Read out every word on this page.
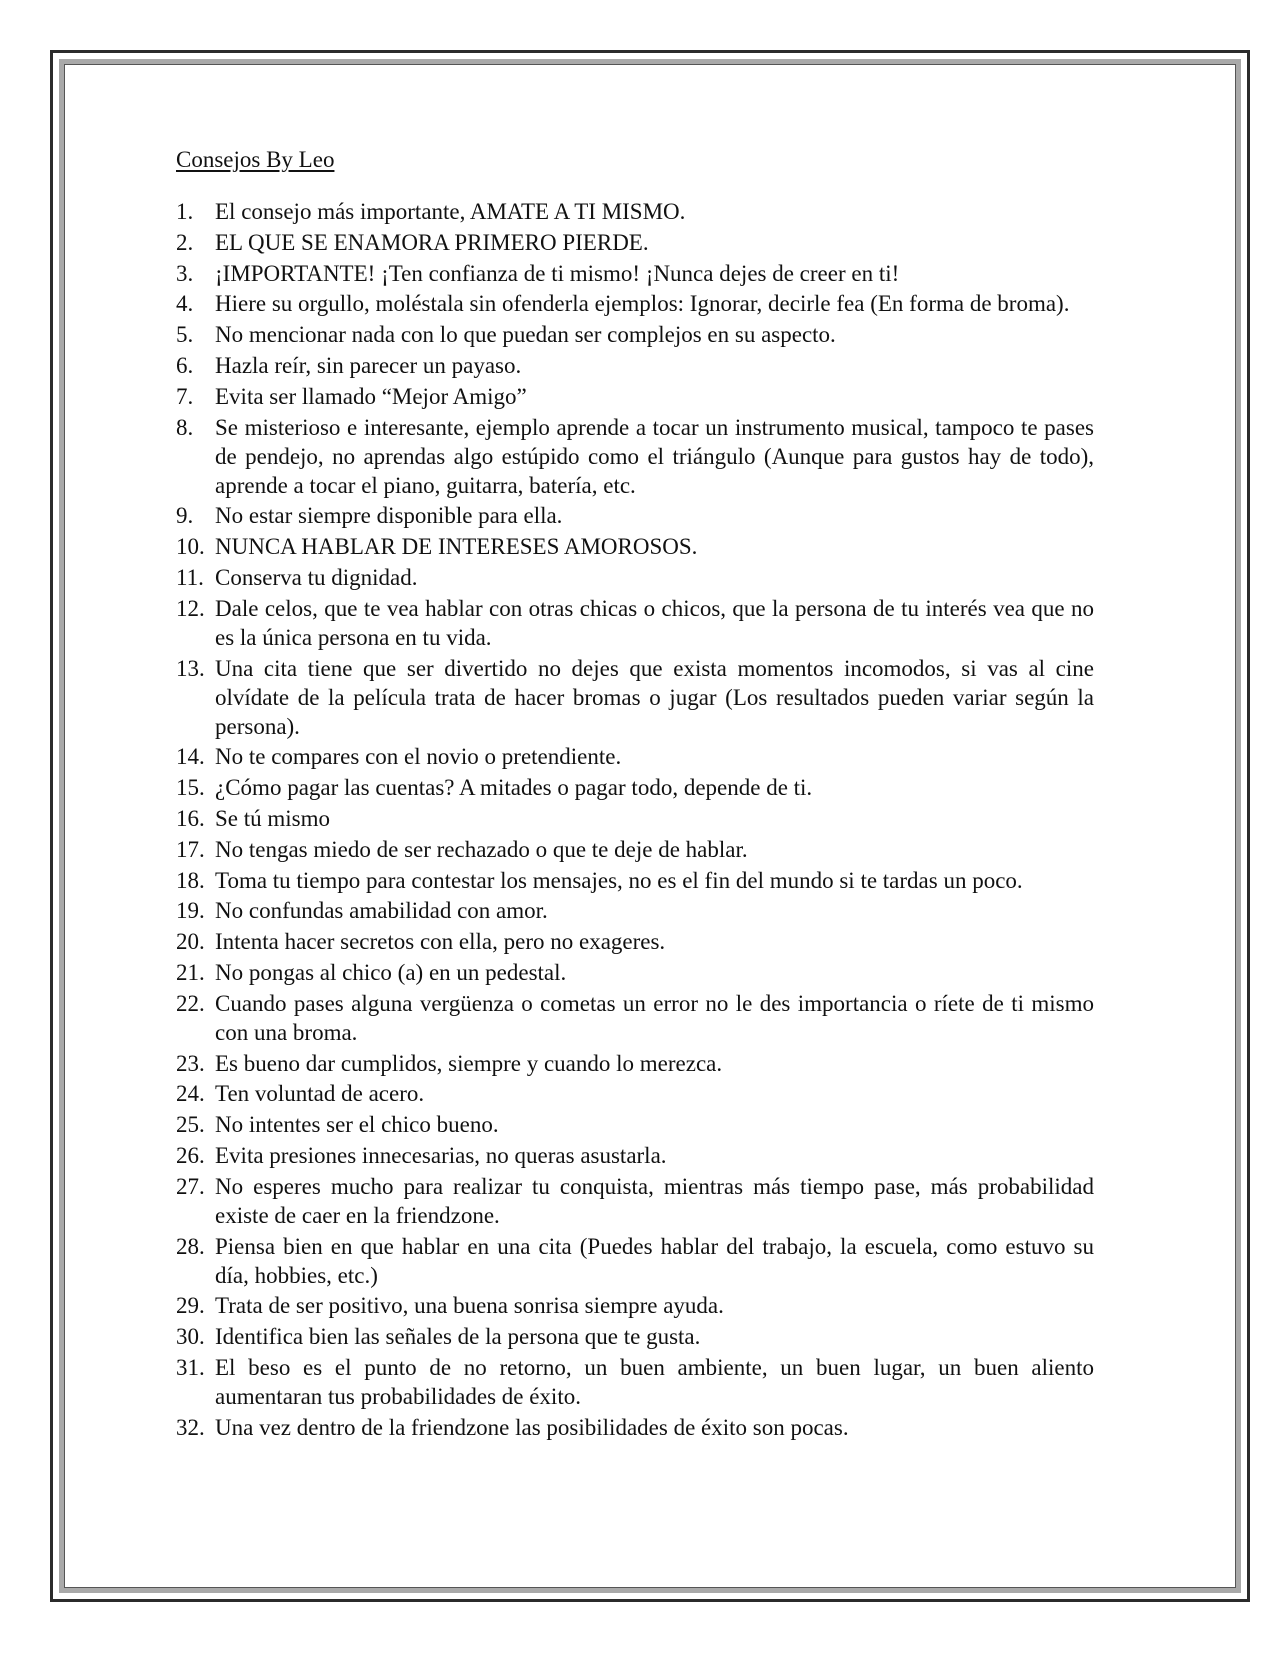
Consejos By Leo
1. El consejo más importante, AMATE A TI MISMO.
2. EL QUE SE ENAMORA PRIMERO PIERDE.
3. ¡IMPORTANTE! ¡Ten confianza de ti mismo! ¡Nunca dejes de creer en ti!
4. Hiere su orgullo, moléstala sin ofenderla ejemplos: Ignorar, decirle fea (En forma de broma).
5. No mencionar nada con lo que puedan ser complejos en su aspecto.
6. Hazla reír, sin parecer un payaso.
7. Evita ser llamado “Mejor Amigo”
8. Se misterioso e interesante, ejemplo aprende a tocar un instrumento musical, tampoco te pases de pendejo, no aprendas algo estúpido como el triángulo (Aunque para gustos hay de todo), aprende a tocar el piano, guitarra, batería, etc.
9. No estar siempre disponible para ella.
10. NUNCA HABLAR DE INTERESES AMOROSOS.
11. Conserva tu dignidad.
12. Dale celos, que te vea hablar con otras chicas o chicos, que la persona de tu interés vea que no es la única persona en tu vida.
13. Una cita tiene que ser divertido no dejes que exista momentos incomodos, si vas al cine olvídate de la película trata de hacer bromas o jugar (Los resultados pueden variar según la persona).
14. No te compares con el novio o pretendiente.
15. ¿Cómo pagar las cuentas? A mitades o pagar todo, depende de ti.
16. Se tú mismo
17. No tengas miedo de ser rechazado o que te deje de hablar.
18. Toma tu tiempo para contestar los mensajes, no es el fin del mundo si te tardas un poco.
19. No confundas amabilidad con amor.
20. Intenta hacer secretos con ella, pero no exageres.
21. No pongas al chico (a) en un pedestal.
22. Cuando pases alguna vergüenza o cometas un error no le des importancia o ríete de ti mismo con una broma.
23. Es bueno dar cumplidos, siempre y cuando lo merezca.
24. Ten voluntad de acero.
25. No intentes ser el chico bueno.
26. Evita presiones innecesarias, no queras asustarla.
27. No esperes mucho para realizar tu conquista, mientras más tiempo pase, más probabilidad existe de caer en la friendzone.
28. Piensa bien en que hablar en una cita (Puedes hablar del trabajo, la escuela, como estuvo su día, hobbies, etc.)
29. Trata de ser positivo, una buena sonrisa siempre ayuda.
30. Identifica bien las señales de la persona que te gusta.
31. El beso es el punto de no retorno, un buen ambiente, un buen lugar, un buen aliento aumentaran tus probabilidades de éxito.
32. Una vez dentro de la friendzone las posibilidades de éxito son pocas.
